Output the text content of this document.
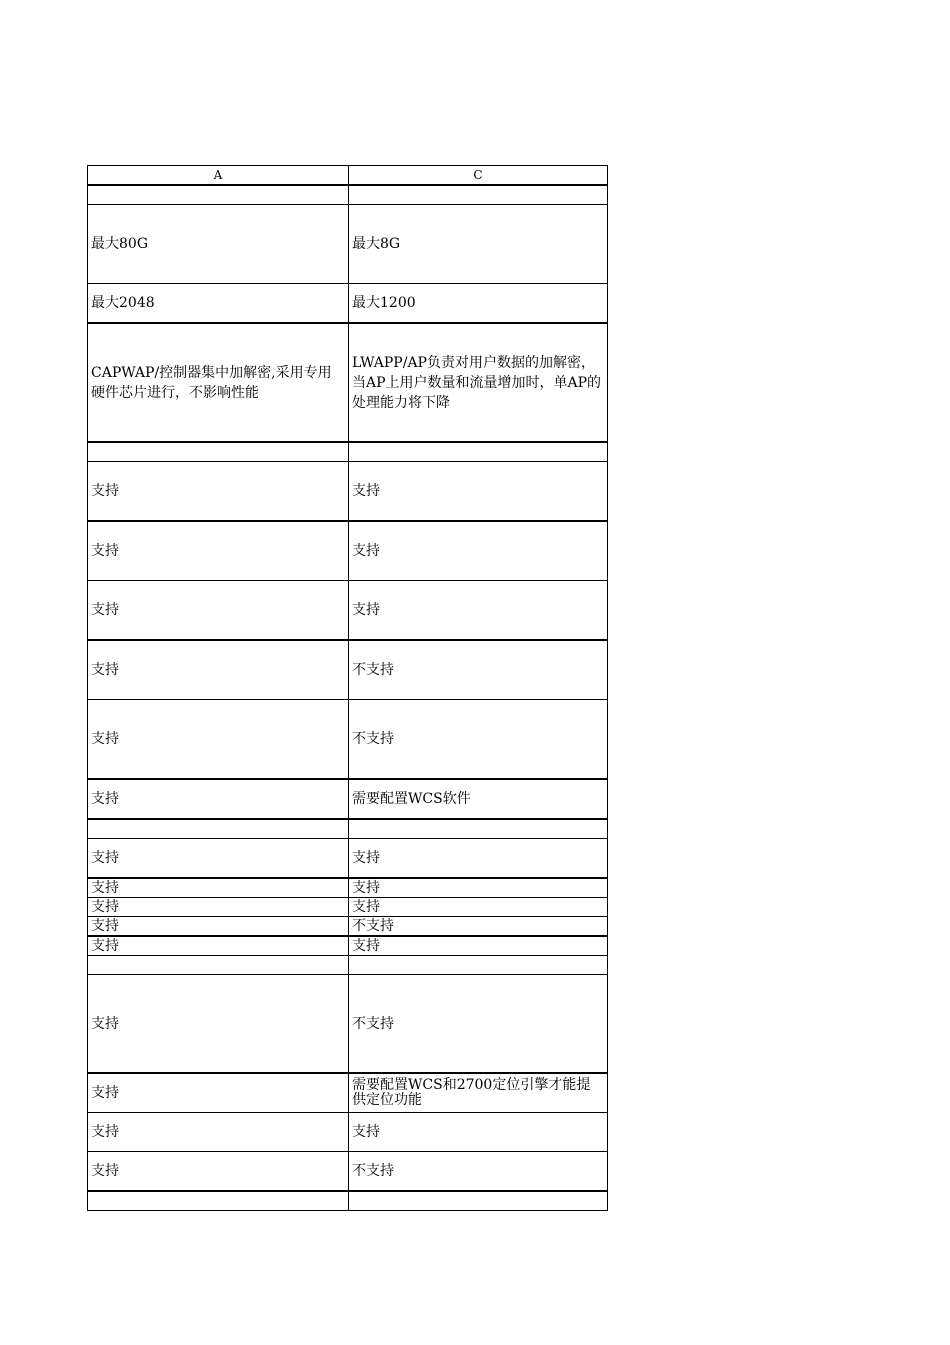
A	C

最大80G	最大8G
最大2048	最大1200
CAPWAP/控制器集中加解密,采用专用硬件芯片进行，不影响性能	LWAPP/AP负责对用户数据的加解密，当AP上用户数量和流量增加时，单AP的处理能力将下降

支持	支持
支持	支持
支持	支持
支持	不支持
支持	不支持
支持	需要配置WCS软件

支持	支持
支持	支持
支持	支持
支持	不支持
支持	支持

支持	不支持
支持	需要配置WCS和2700定位引擎才能提供定位功能
支持	支持
支持	不支持
